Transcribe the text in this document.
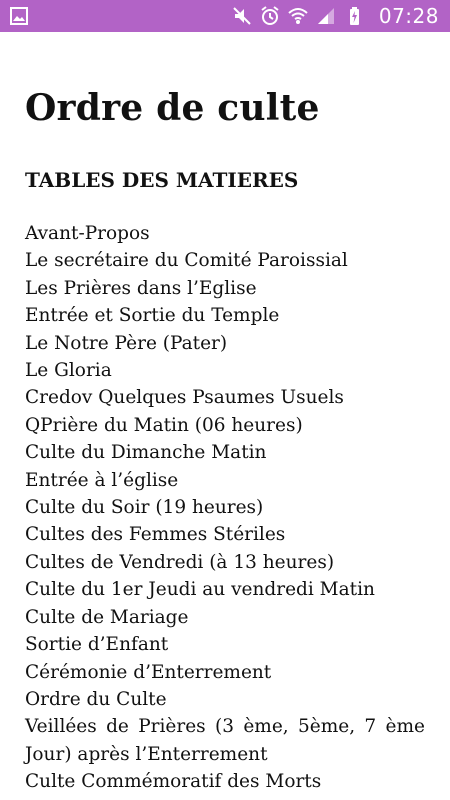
07:28
Ordre de culte
TABLES DES MATIERES
Avant-Propos
Le secrétaire du Comité Paroissial
Les Prières dans l’Eglise
Entrée et Sortie du Temple
Le Notre Père (Pater)
Le Gloria
Credov Quelques Psaumes Usuels
QPrière du Matin (06 heures)
Culte du Dimanche Matin
Entrée à l’église
Culte du Soir (19 heures)
Cultes des Femmes Stériles
Cultes de Vendredi (à 13 heures)
Culte du 1er Jeudi au vendredi Matin
Culte de Mariage
Sortie d’Enfant
Cérémonie d’Enterrement
Ordre du Culte
Veillées de Prières (3 ème, 5ème, 7 ème Jour) après l’Enterrement
Culte Commémoratif des Morts
